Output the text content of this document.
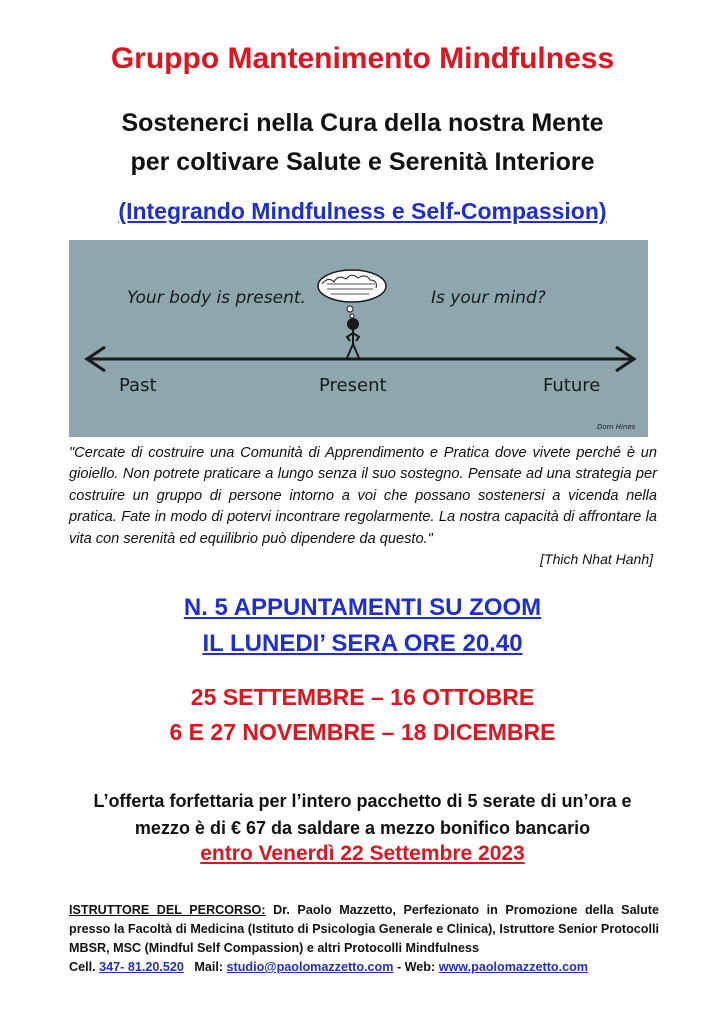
Gruppo Mantenimento Mindfulness
Sostenerci nella Cura della nostra Mente
per coltivare Salute e Serenità Interiore
(Integrando Mindfulness e Self-Compassion)
Your body is present.	Is your mind?
Past	Present	Future
Dom Hines
"Cercate di costruire una Comunità di Apprendimento e Pratica dove vivete perché è un gioiello. Non potrete praticare a lungo senza il suo sostegno. Pensate ad una strategia per costruire un gruppo di persone intorno a voi che possano sostenersi a vicenda nella pratica. Fate in modo di potervi incontrare regolarmente. La nostra capacità di affrontare la vita con serenità ed equilibrio può dipendere da questo."
[Thich Nhat Hanh]
N. 5 APPUNTAMENTI SU ZOOM
IL LUNEDI’ SERA ORE 20.40
25 SETTEMBRE – 16 OTTOBRE
6 E 27 NOVEMBRE – 18 DICEMBRE
L’offerta forfettaria per l’intero pacchetto di 5 serate di un’ora e
mezzo è di € 67 da saldare a mezzo bonifico bancario
entro Venerdì 22 Settembre 2023
ISTRUTTORE DEL PERCORSO: Dr. Paolo Mazzetto, Perfezionato in Promozione della Salute presso la Facoltà di Medicina (Istituto di Psicologia Generale e Clinica), Istruttore Senior Protocolli MBSR, MSC (Mindful Self Compassion) e altri Protocolli Mindfulness
Cell. 347- 81.20.520   Mail: studio@paolomazzetto.com - Web: www.paolomazzetto.com
